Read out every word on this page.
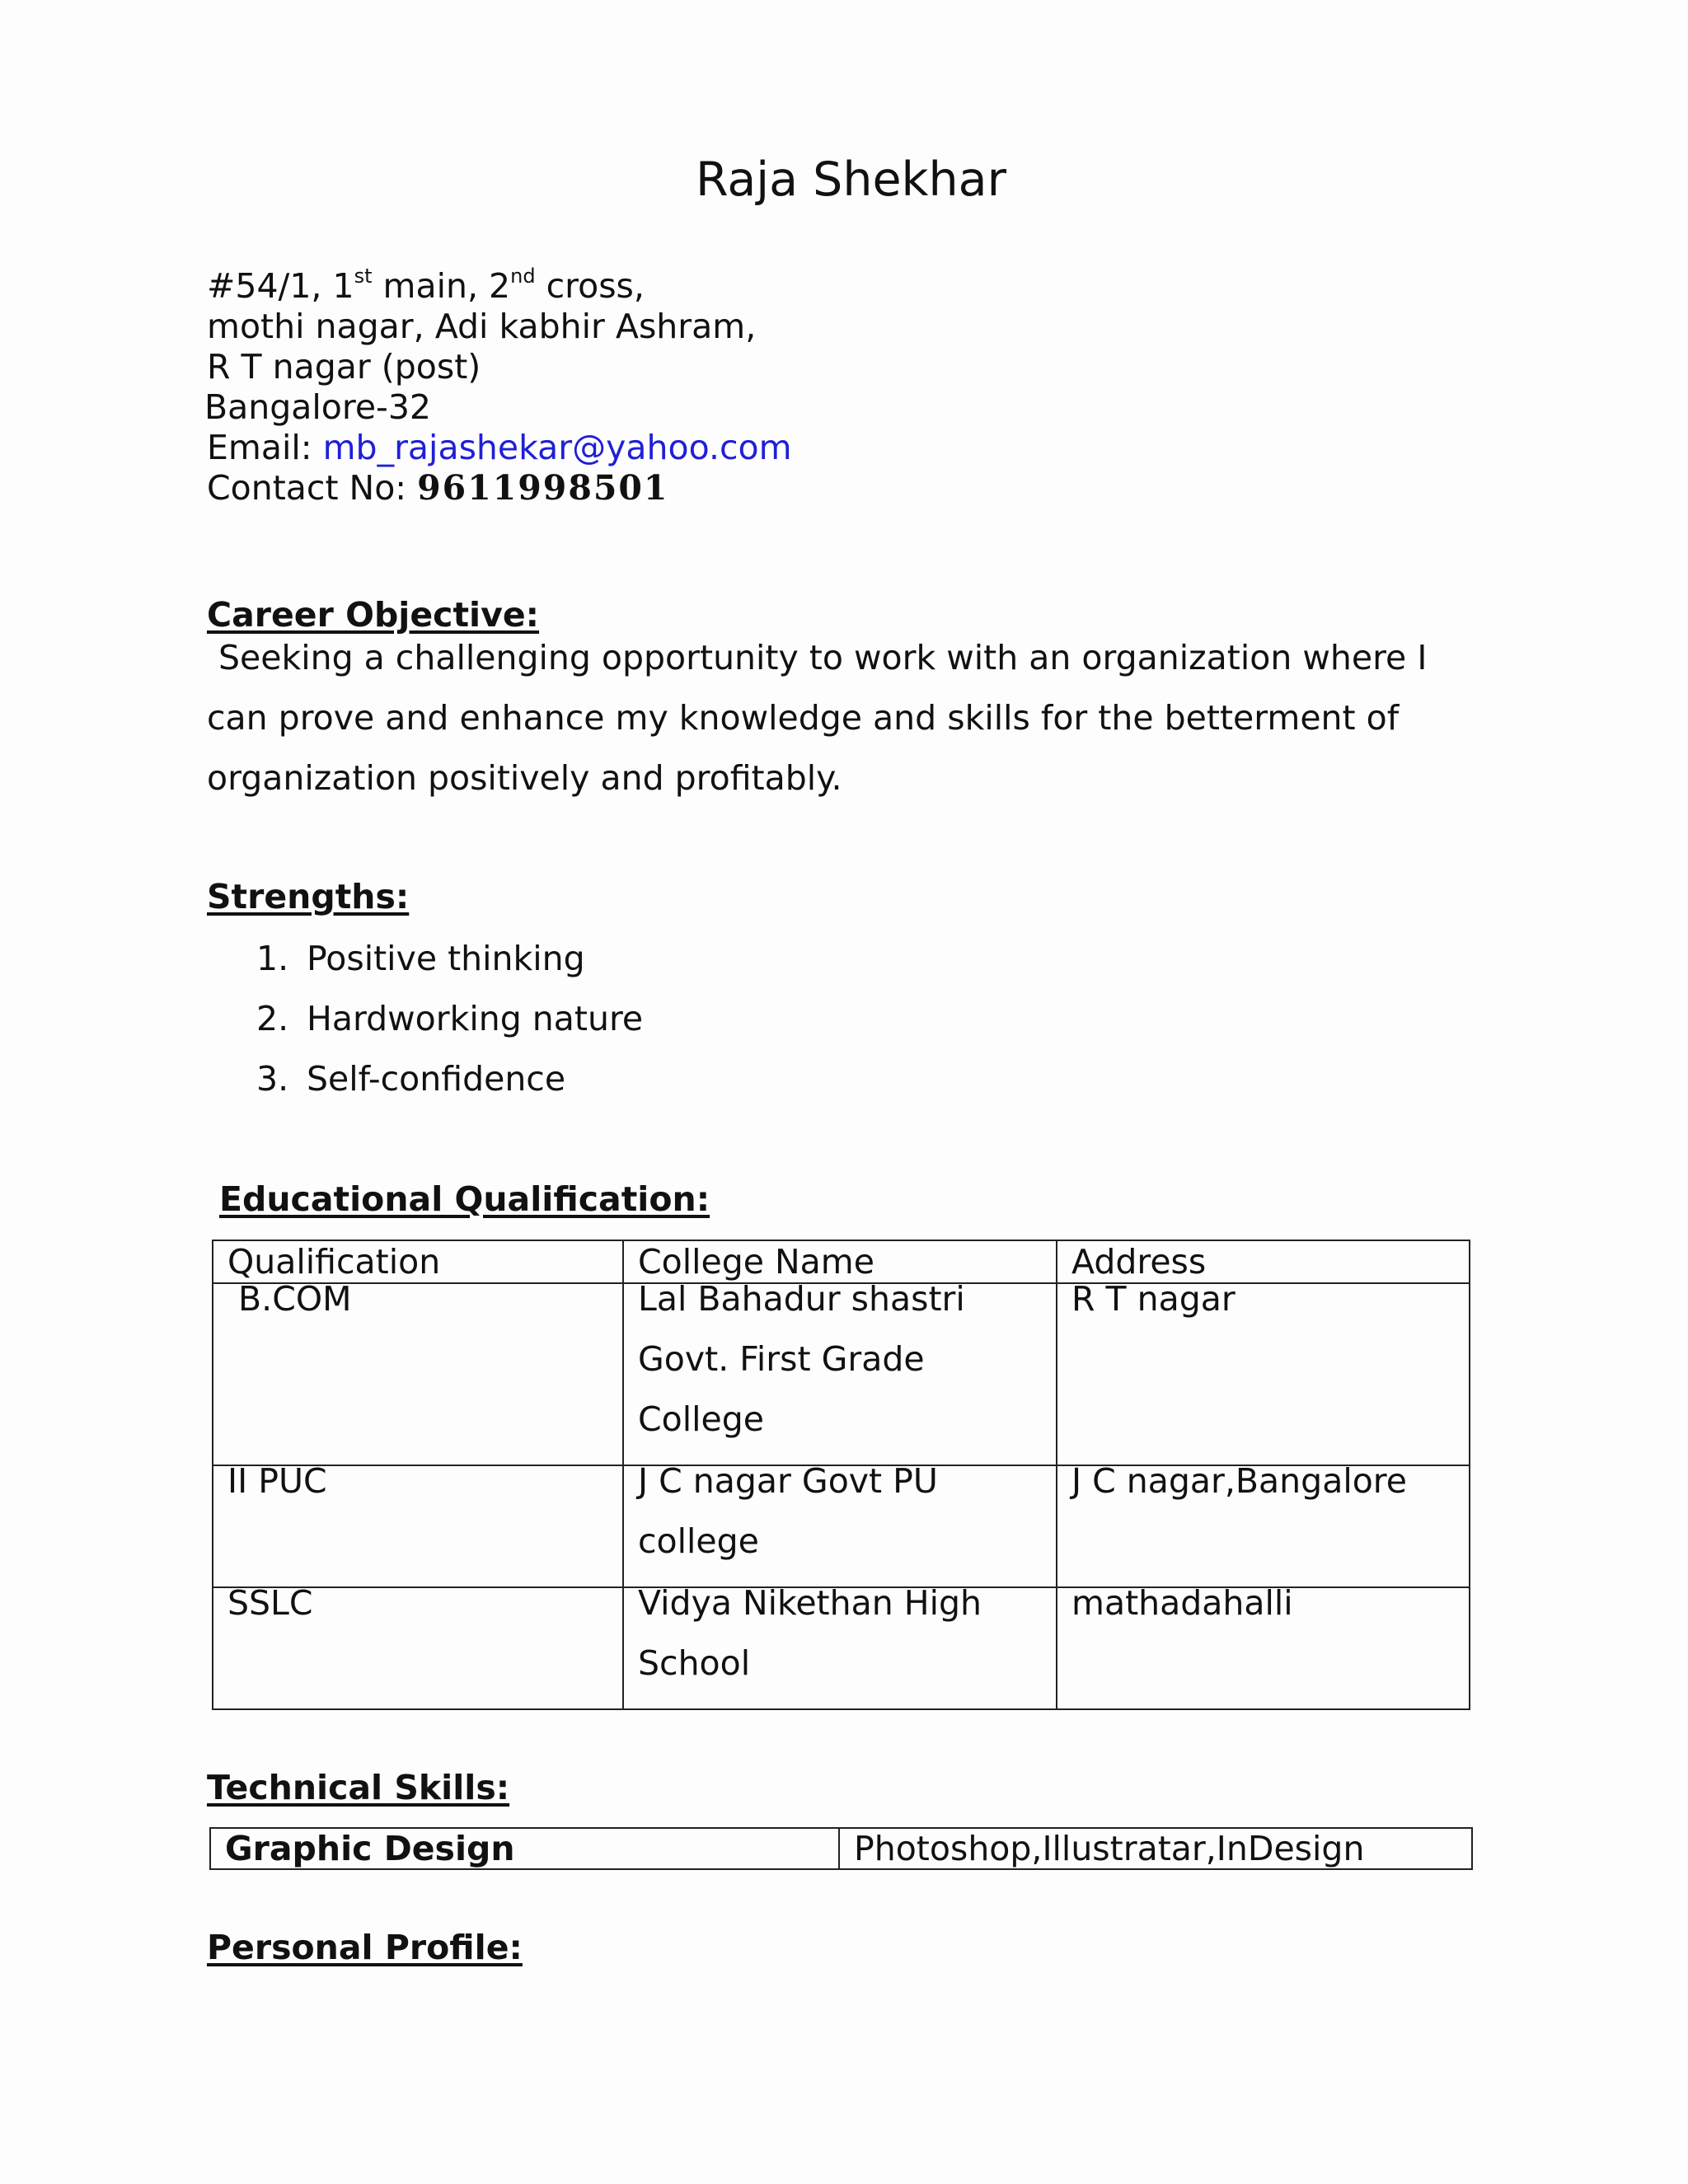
Raja Shekhar
#54/1, 1st main, 2nd cross,
mothi nagar, Adi kabhir Ashram,
R T nagar (post)
Bangalore-32
Email: mb_rajashekar@yahoo.com
Contact No: 9611998501
Career Objective:

Seeking a challenging opportunity to work with an organization where I can prove and enhance my knowledge and skills for the betterment of organization positively and profitably.

Strengths:
1. Positive thinking
2. Hardworking nature
3. Self-confidence
Educational Qualification:
Qualification	College Name	Address

B.COM	Lal Bahadur shastri Govt. First Grade College	R T nagar

II PUC	J C nagar Govt PU college	J C nagar,Bangalore

SSLC	Vidya Nikethan High School	mathadahalli
Technical Skills:
Graphic Design	Photoshop,Illustratar,InDesign
Personal Profile:
